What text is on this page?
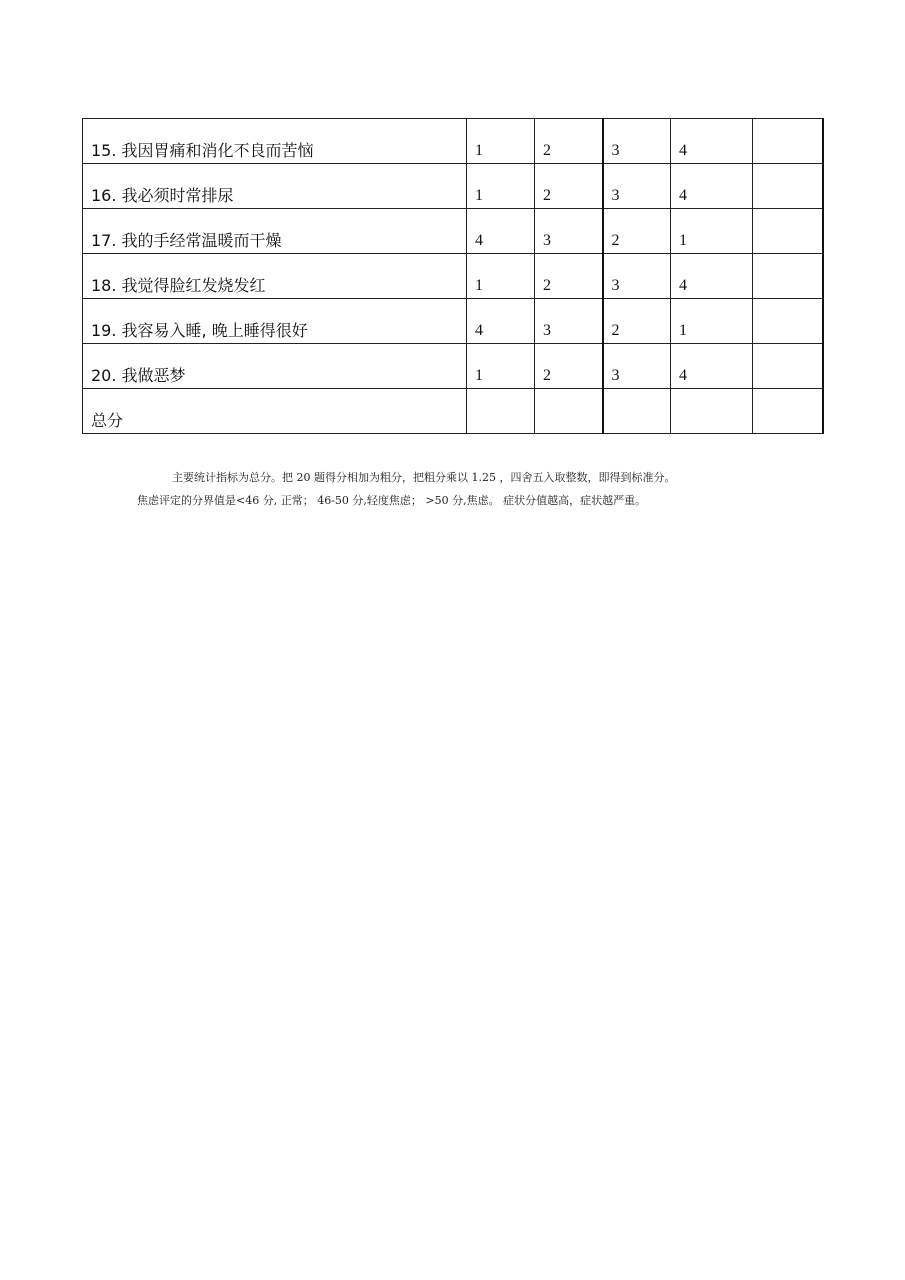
15. 我因胃痛和消化不良而苦恼	1	2	3	4	
16. 我必须时常排尿	1	2	3	4	
17. 我的手经常温暖而干燥	4	3	2	1	
18. 我觉得脸红发烧发红	1	2	3	4	
19. 我容易入睡, 晚上睡得很好	4	3	2	1	
20. 我做恶梦	1	2	3	4	
总分					
主要统计指标为总分。把 20 题得分相加为粗分，把粗分乘以 1.25 ，四舍五入取整数，即得到标准分。
焦虑评定的分界值是<46 分, 正常； 46-50 分,轻度焦虑； >50 分,焦虑。 症状分值越高，症状越严重。
